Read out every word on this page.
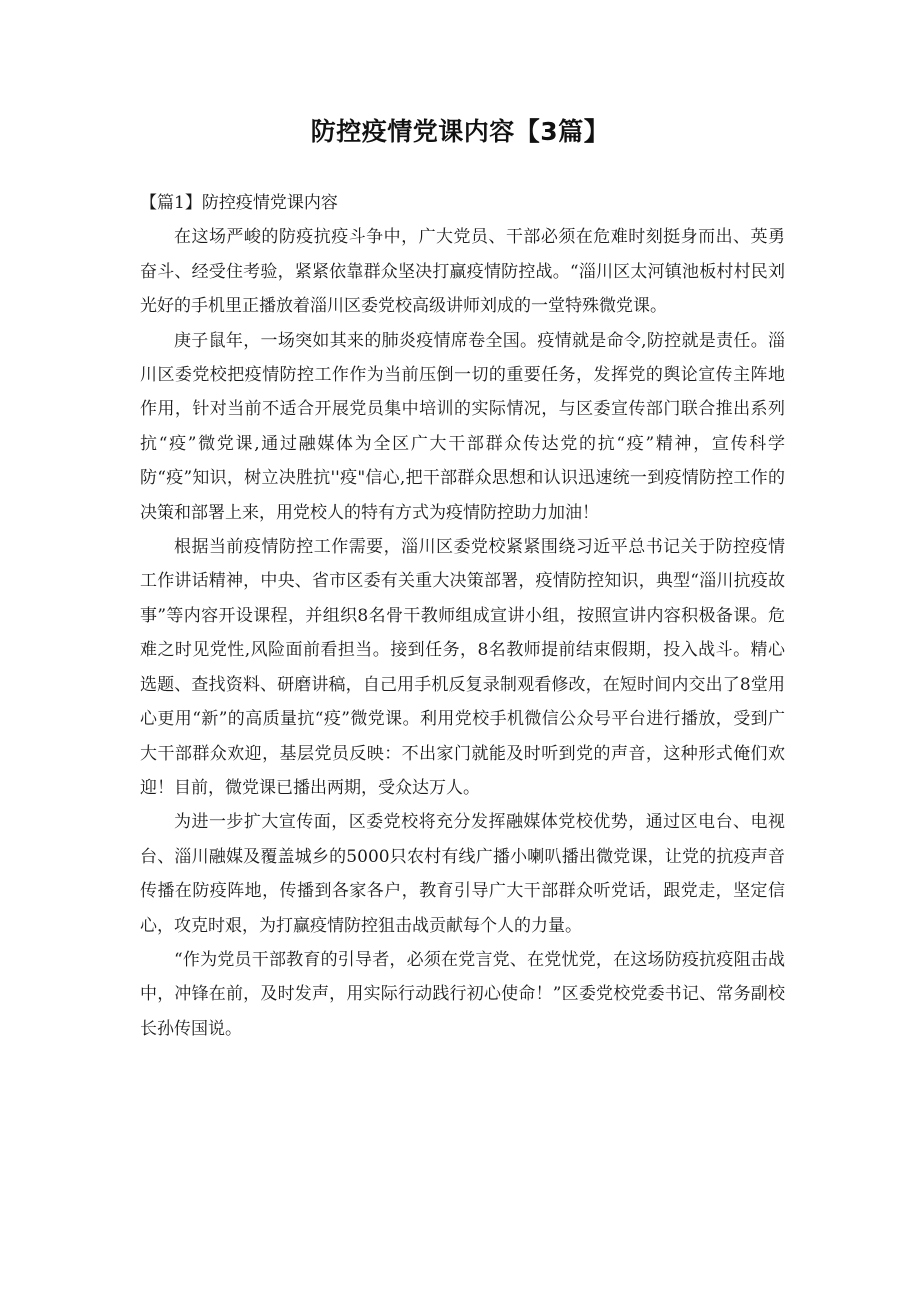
防控疫情党课内容【3篇】

【篇1】防控疫情党课内容

在这场严峻的防疫抗疫斗争中，广大党员、干部必须在危难时刻挺身而出、英勇奋斗、经受住考验，紧紧依靠群众坚决打赢疫情防控战。“淄川区太河镇池板村村民刘光好的手机里正播放着淄川区委党校高级讲师刘成的一堂特殊微党课。

庚子鼠年，一场突如其来的肺炎疫情席卷全国。疫情就是命令,防控就是责任。淄川区委党校把疫情防控工作作为当前压倒一切的重要任务，发挥党的舆论宣传主阵地作用，针对当前不适合开展党员集中培训的实际情况，与区委宣传部门联合推出系列抗“疫”微党课,通过融媒体为全区广大干部群众传达党的抗“疫”精神，宣传科学防“疫”知识，树立决胜抗''疫"信心,把干部群众思想和认识迅速统一到疫情防控工作的决策和部署上来，用党校人的特有方式为疫情防控助力加油！

根据当前疫情防控工作需要，淄川区委党校紧紧围绕习近平总书记关于防控疫情工作讲话精神，中央、省市区委有关重大决策部署，疫情防控知识，典型“淄川抗疫故事”等内容开设课程，并组织8名骨干教师组成宣讲小组，按照宣讲内容积极备课。危难之时见党性,风险面前看担当。接到任务，8名教师提前结束假期，投入战斗。精心选题、查找资料、研磨讲稿，自己用手机反复录制观看修改，在短时间内交出了8堂用心更用“新”的高质量抗“疫”微党课。利用党校手机微信公众号平台进行播放，受到广大干部群众欢迎，基层党员反映：不出家门就能及时听到党的声音，这种形式俺们欢迎！目前，微党课已播出两期，受众达万人。

为进一步扩大宣传面，区委党校将充分发挥融媒体党校优势，通过区电台、电视台、淄川融媒及覆盖城乡的5000只农村有线广播小喇叭播出微党课，让党的抗疫声音传播在防疫阵地，传播到各家各户，教育引导广大干部群众听党话，跟党走，坚定信心，攻克时艰，为打赢疫情防控狙击战贡献每个人的力量。

“作为党员干部教育的引导者，必须在党言党、在党忧党，在这场防疫抗疫阻击战中，冲锋在前，及时发声，用实际行动践行初心使命！”区委党校党委书记、常务副校长孙传国说。
